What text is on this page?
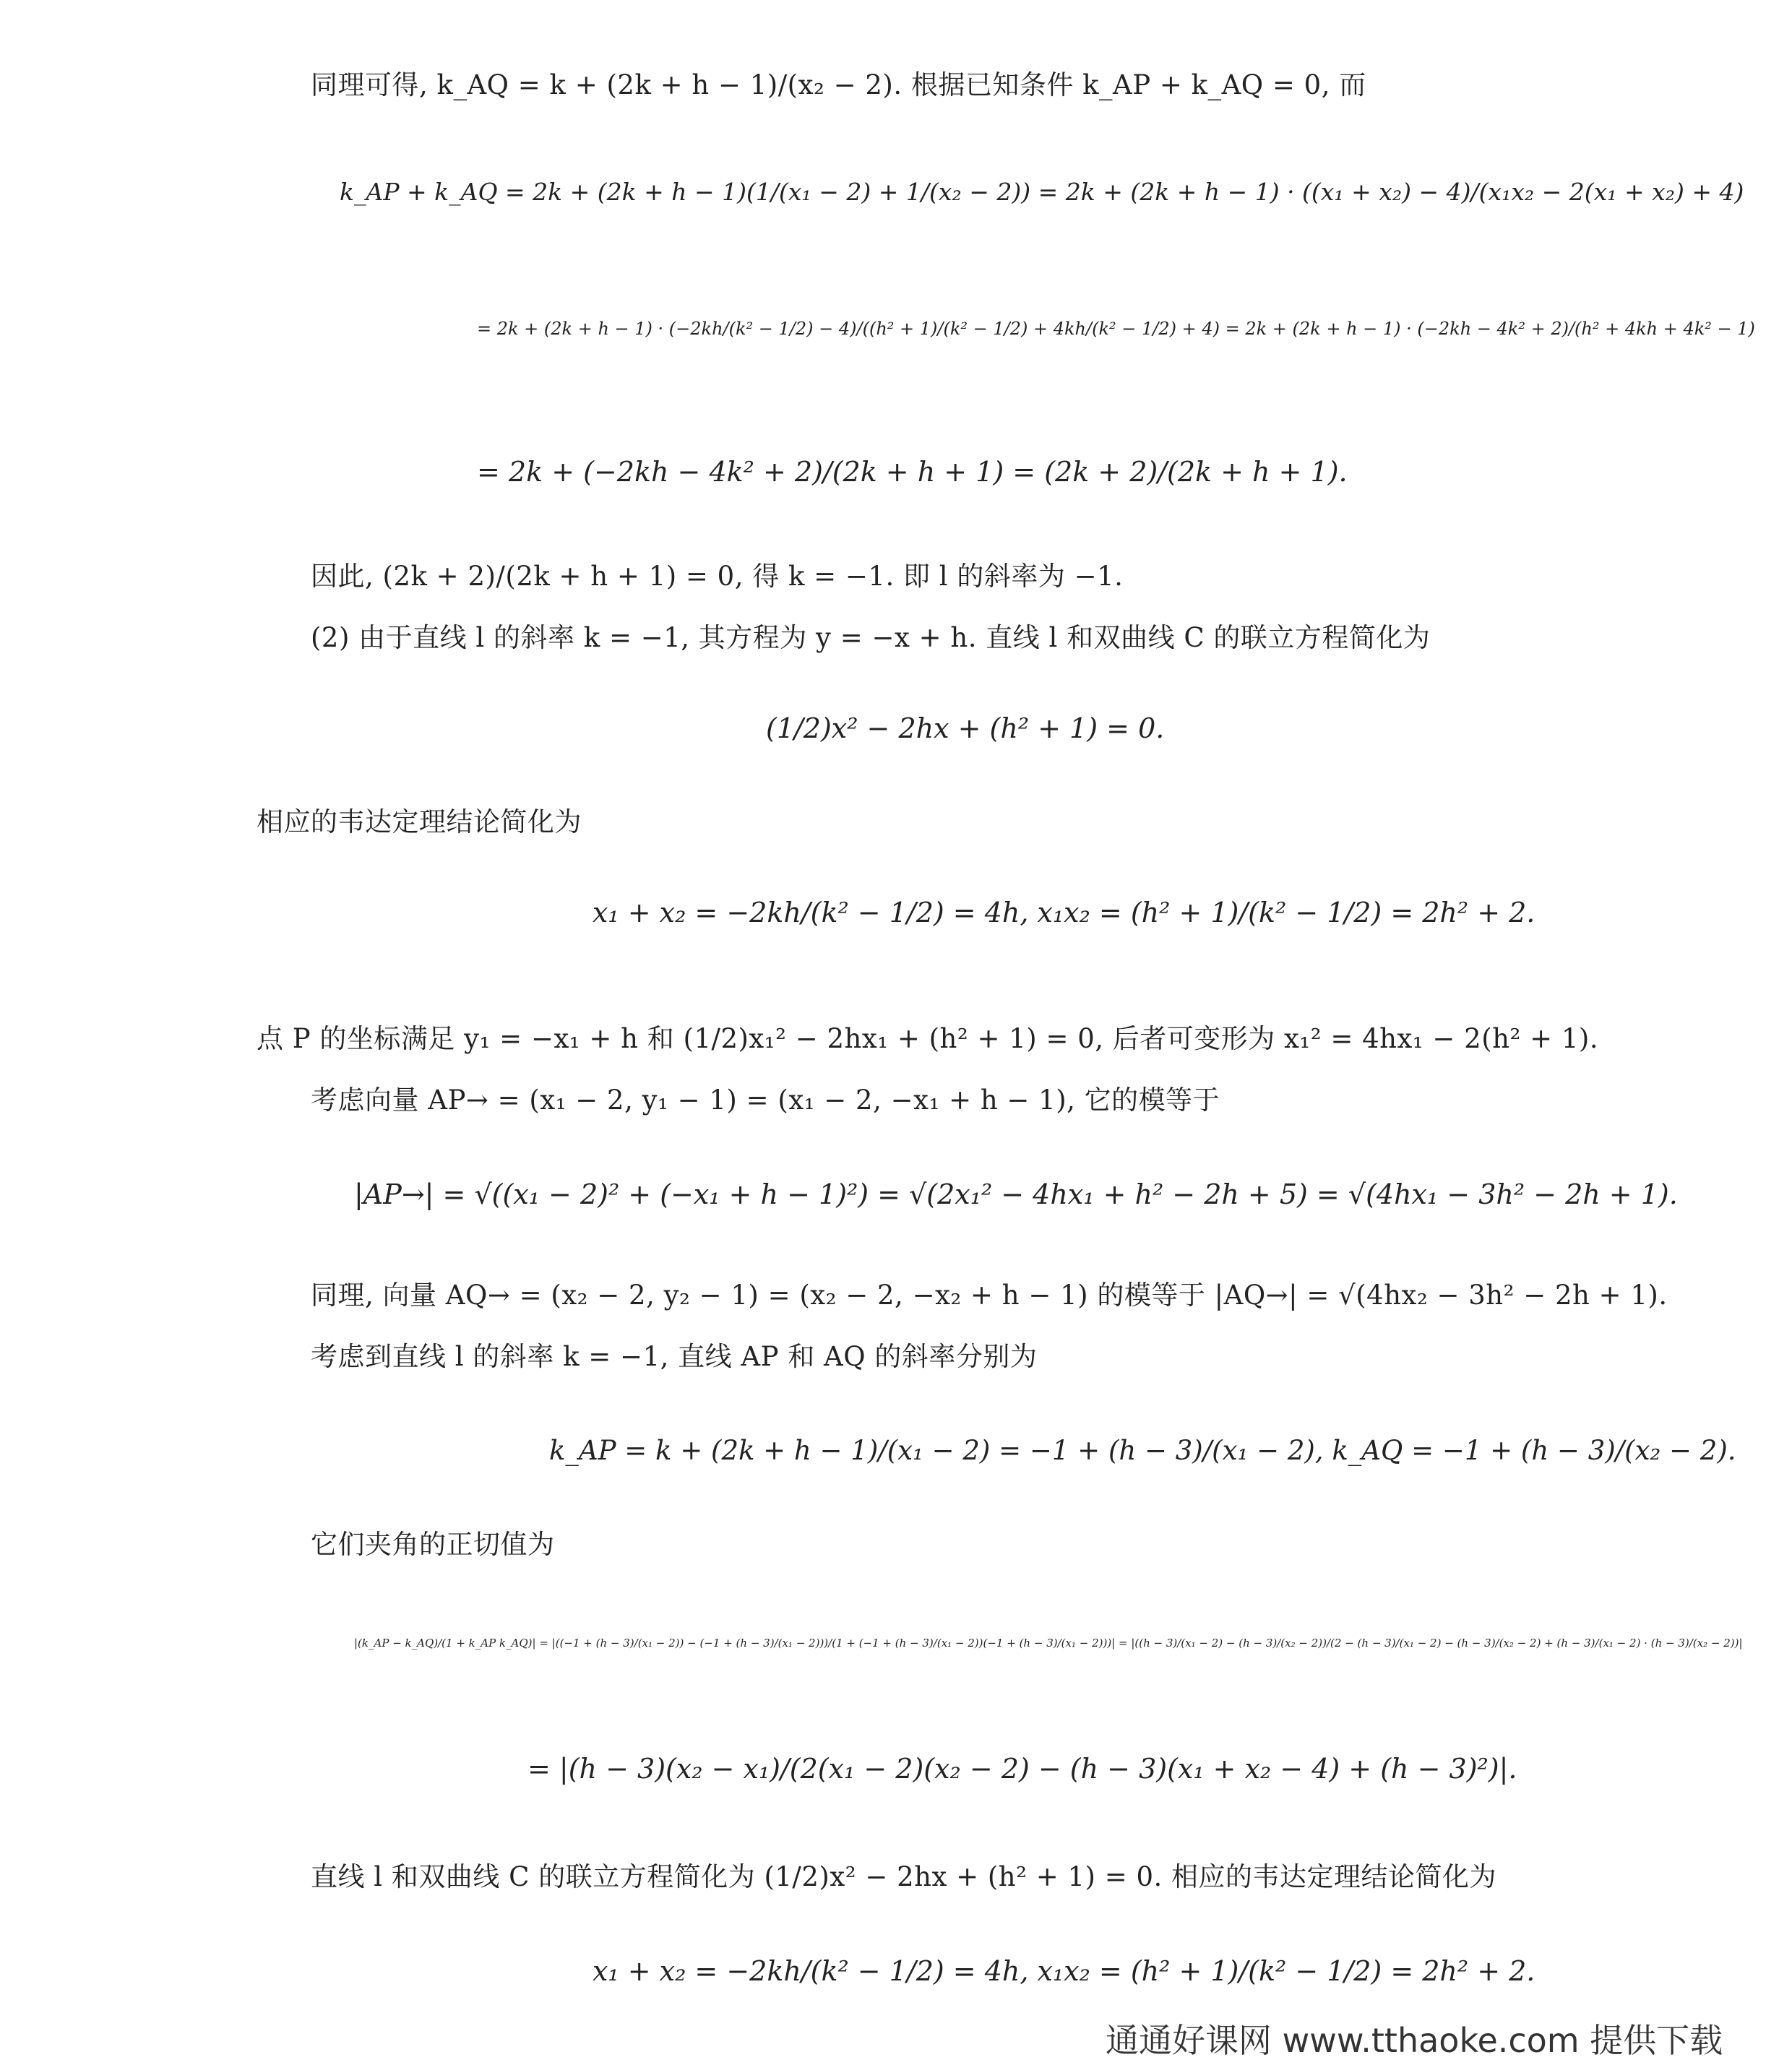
同理可得, k_AQ = k + (2k + h − 1)/(x₂ − 2). 根据已知条件 k_AP + k_AQ = 0, 而
k_AP + k_AQ = 2k + (2k + h − 1)(1/(x₁ − 2) + 1/(x₂ − 2)) = 2k + (2k + h − 1) · ((x₁ + x₂) − 4)/(x₁x₂ − 2(x₁ + x₂) + 4)
= 2k + (2k + h − 1) · (−2kh/(k² − 1/2) − 4)/((h² + 1)/(k² − 1/2) + 4kh/(k² − 1/2) + 4) = 2k + (2k + h − 1) · (−2kh − 4k² + 2)/(h² + 4kh + 4k² − 1)
= 2k + (−2kh − 4k² + 2)/(2k + h + 1) = (2k + 2)/(2k + h + 1).
因此, (2k + 2)/(2k + h + 1) = 0, 得 k = −1. 即 l 的斜率为 −1.
(2) 由于直线 l 的斜率 k = −1, 其方程为 y = −x + h. 直线 l 和双曲线 C 的联立方程简化为
(1/2)x² − 2hx + (h² + 1) = 0.
相应的韦达定理结论简化为
x₁ + x₂ = −2kh/(k² − 1/2) = 4h, x₁x₂ = (h² + 1)/(k² − 1/2) = 2h² + 2.
点 P 的坐标满足 y₁ = −x₁ + h 和 (1/2)x₁² − 2hx₁ + (h² + 1) = 0, 后者可变形为 x₁² = 4hx₁ − 2(h² + 1).
考虑向量 AP→ = (x₁ − 2, y₁ − 1) = (x₁ − 2, −x₁ + h − 1), 它的模等于
|AP→| = √((x₁ − 2)² + (−x₁ + h − 1)²) = √(2x₁² − 4hx₁ + h² − 2h + 5) = √(4hx₁ − 3h² − 2h + 1).
同理, 向量 AQ→ = (x₂ − 2, y₂ − 1) = (x₂ − 2, −x₂ + h − 1) 的模等于 |AQ→| = √(4hx₂ − 3h² − 2h + 1).
考虑到直线 l 的斜率 k = −1, 直线 AP 和 AQ 的斜率分别为
k_AP = k + (2k + h − 1)/(x₁ − 2) = −1 + (h − 3)/(x₁ − 2), k_AQ = −1 + (h − 3)/(x₂ − 2).
它们夹角的正切值为
|(k_AP − k_AQ)/(1 + k_AP k_AQ)| = |((−1 + (h − 3)/(x₁ − 2)) − (−1 + (h − 3)/(x₁ − 2)))/(1 + (−1 + (h − 3)/(x₁ − 2))(−1 + (h − 3)/(x₁ − 2)))| = |((h − 3)/(x₁ − 2) − (h − 3)/(x₂ − 2))/(2 − (h − 3)/(x₁ − 2) − (h − 3)/(x₂ − 2) + (h − 3)/(x₁ − 2) · (h − 3)/(x₂ − 2))|
= |(h − 3)(x₂ − x₁)/(2(x₁ − 2)(x₂ − 2) − (h − 3)(x₁ + x₂ − 4) + (h − 3)²)|.
直线 l 和双曲线 C 的联立方程简化为 (1/2)x² − 2hx + (h² + 1) = 0. 相应的韦达定理结论简化为
x₁ + x₂ = −2kh/(k² − 1/2) = 4h, x₁x₂ = (h² + 1)/(k² − 1/2) = 2h² + 2.
通通好课网 www.tthaoke.com 提供下载
